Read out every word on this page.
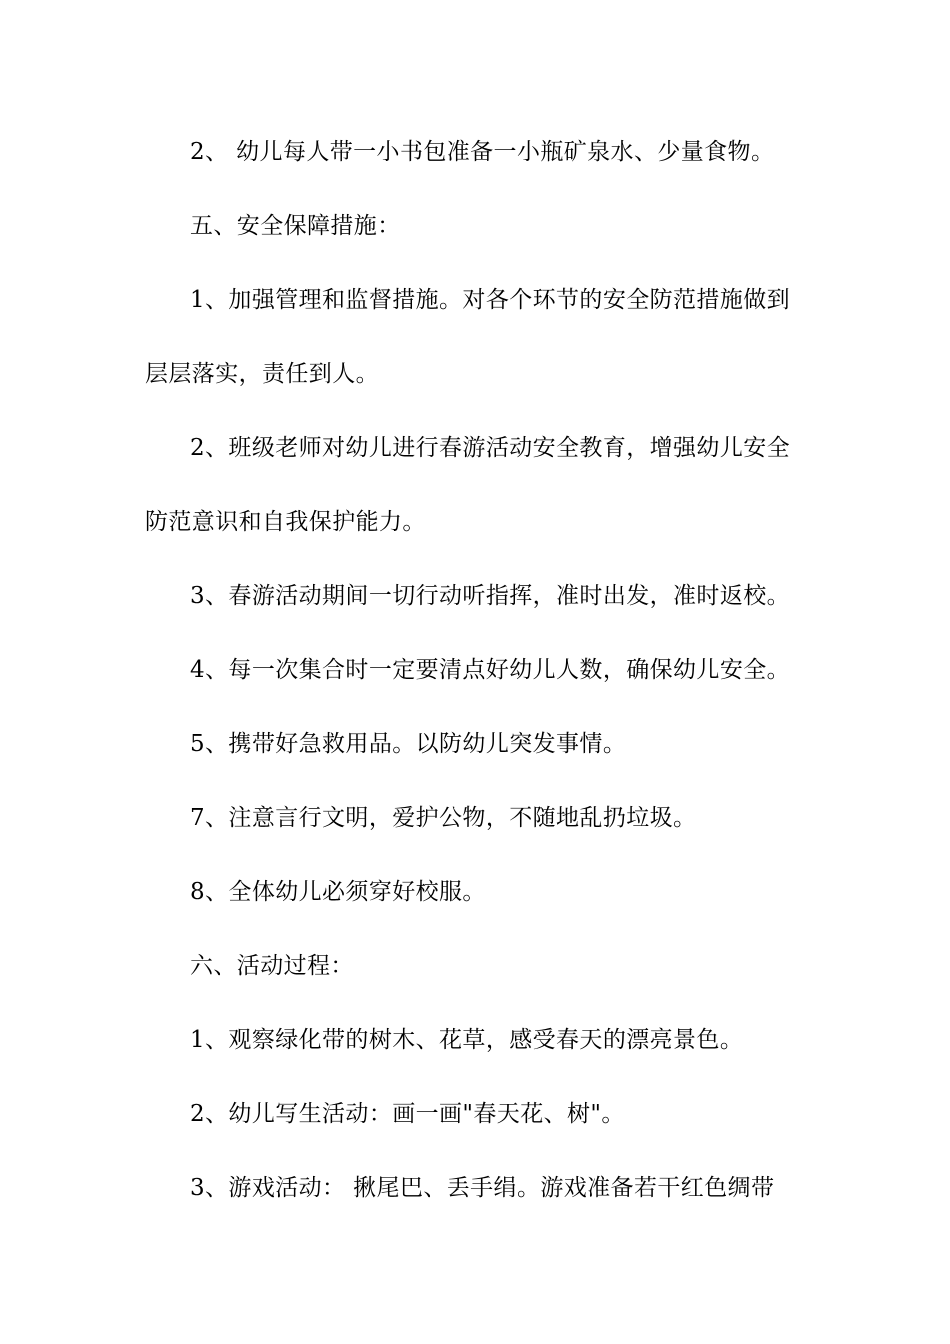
2、 幼儿每人带一小书包准备一小瓶矿泉水、少量食物。
五、安全保障措施：
1、加强管理和监督措施。对各个环节的安全防范措施做到
层层落实，责任到人。
2、班级老师对幼儿进行春游活动安全教育，增强幼儿安全
防范意识和自我保护能力。
3、春游活动期间一切行动听指挥，准时出发，准时返校。
4、每一次集合时一定要清点好幼儿人数，确保幼儿安全。
5、携带好急救用品。以防幼儿突发事情。
7、注意言行文明，爱护公物，不随地乱扔垃圾。
8、全体幼儿必须穿好校服。
六、活动过程：
1、观察绿化带的树木、花草，感受春天的漂亮景色。
2、幼儿写生活动：画一画"春天花、树"。
3、游戏活动： 揪尾巴、丢手绢。游戏准备若干红色绸带
